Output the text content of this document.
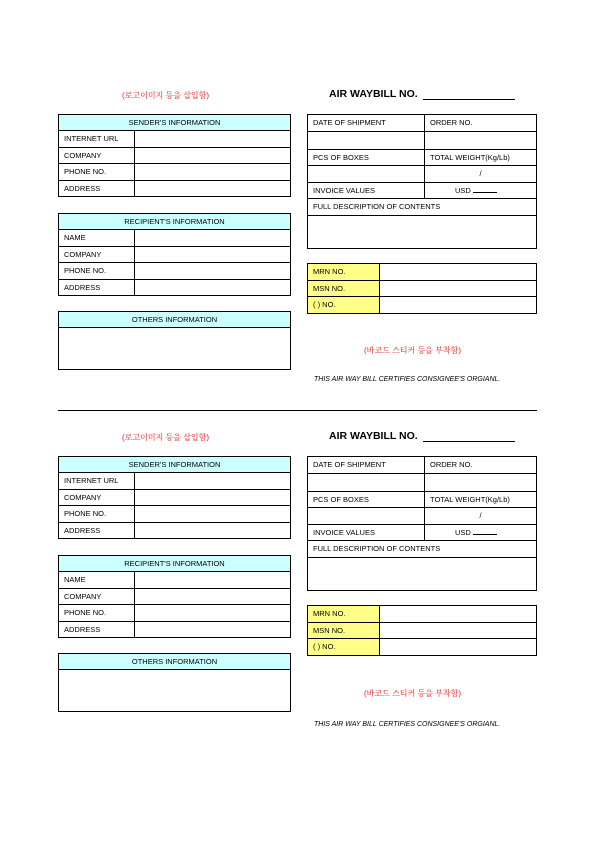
(로고이미지 등을 삽입함)	AIR WAYBILL NO.
SENDER'S INFORMATION	
INTERNET URL	
COMPANY	
PHONE NO.	
ADDRESS	
RECIPIENT'S INFORMATION	
NAME	
COMPANY	
PHONE NO.	
ADDRESS	
OTHERS INFORMATION

DATE OF SHIPMENT	ORDER NO.

PCS OF BOXES	TOTAL WEIGHT(Kg/Lb)
	/
INVOICE VALUES	USD
FULL DESCRIPTION OF CONTENTS	

MRN NO.	
MSN NO.	
( ) NO.	
(바코드 스티커 등을 부착함)
THIS AIR WAY BILL CERTIFIES CONSIGNEE'S ORGIANL.
(로고이미지 등을 삽입함)	AIR WAYBILL NO.
SENDER'S INFORMATION	
INTERNET URL	
COMPANY	
PHONE NO.	
ADDRESS	
RECIPIENT'S INFORMATION	
NAME	
COMPANY	
PHONE NO.	
ADDRESS	
OTHERS INFORMATION

DATE OF SHIPMENT	ORDER NO.

PCS OF BOXES	TOTAL WEIGHT(Kg/Lb)
	/
INVOICE VALUES	USD
FULL DESCRIPTION OF CONTENTS	

MRN NO.	
MSN NO.	
( ) NO.	
(바코드 스티커 등을 부착함)
THIS AIR WAY BILL CERTIFIES CONSIGNEE'S ORGIANL.
